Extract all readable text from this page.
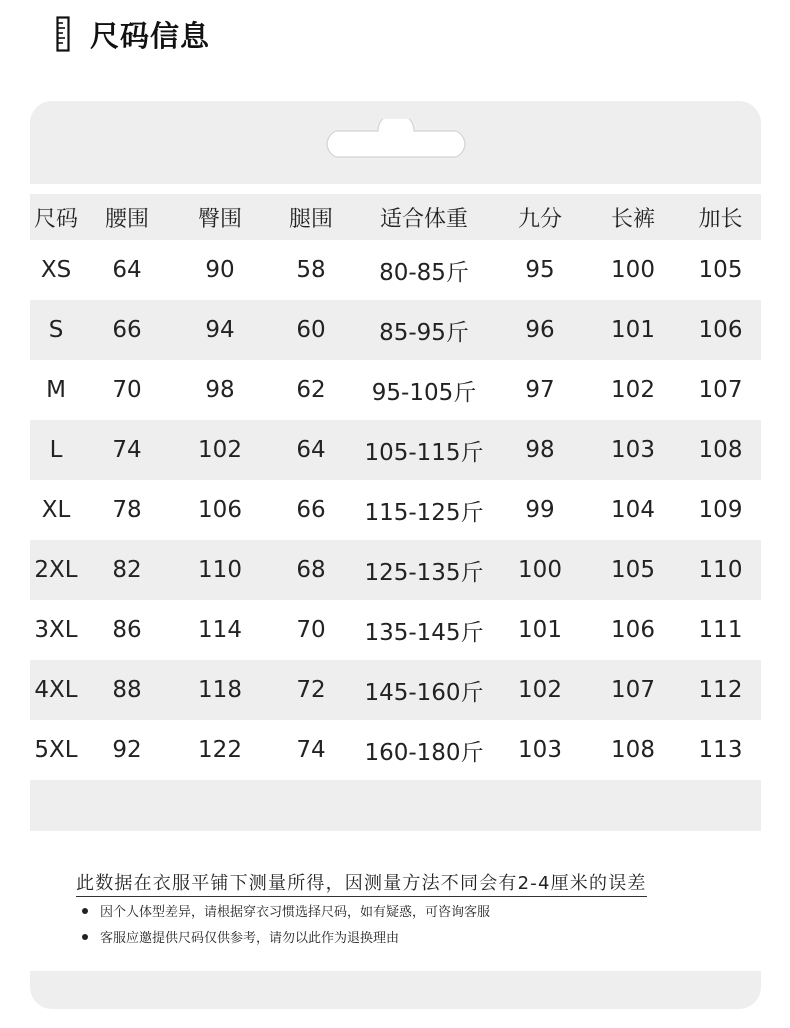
尺码信息
尺码	腰围	臀围	腿围	适合体重	九分	长裤	加长
XS	64	90	58	80-85斤	95	100	105
S	66	94	60	85-95斤	96	101	106
M	70	98	62	95-105斤	97	102	107
L	74	102	64	105-115斤	98	103	108
XL	78	106	66	115-125斤	99	104	109
2XL	82	110	68	125-135斤	100	105	110
3XL	86	114	70	135-145斤	101	106	111
4XL	88	118	72	145-160斤	102	107	112
5XL	92	122	74	160-180斤	103	108	113
此数据在衣服平铺下测量所得，因测量方法不同会有2-4厘米的误差
因个人体型差异，请根据穿衣习惯选择尺码，如有疑惑，可咨询客服
客服应邀提供尺码仅供参考，请勿以此作为退换理由
